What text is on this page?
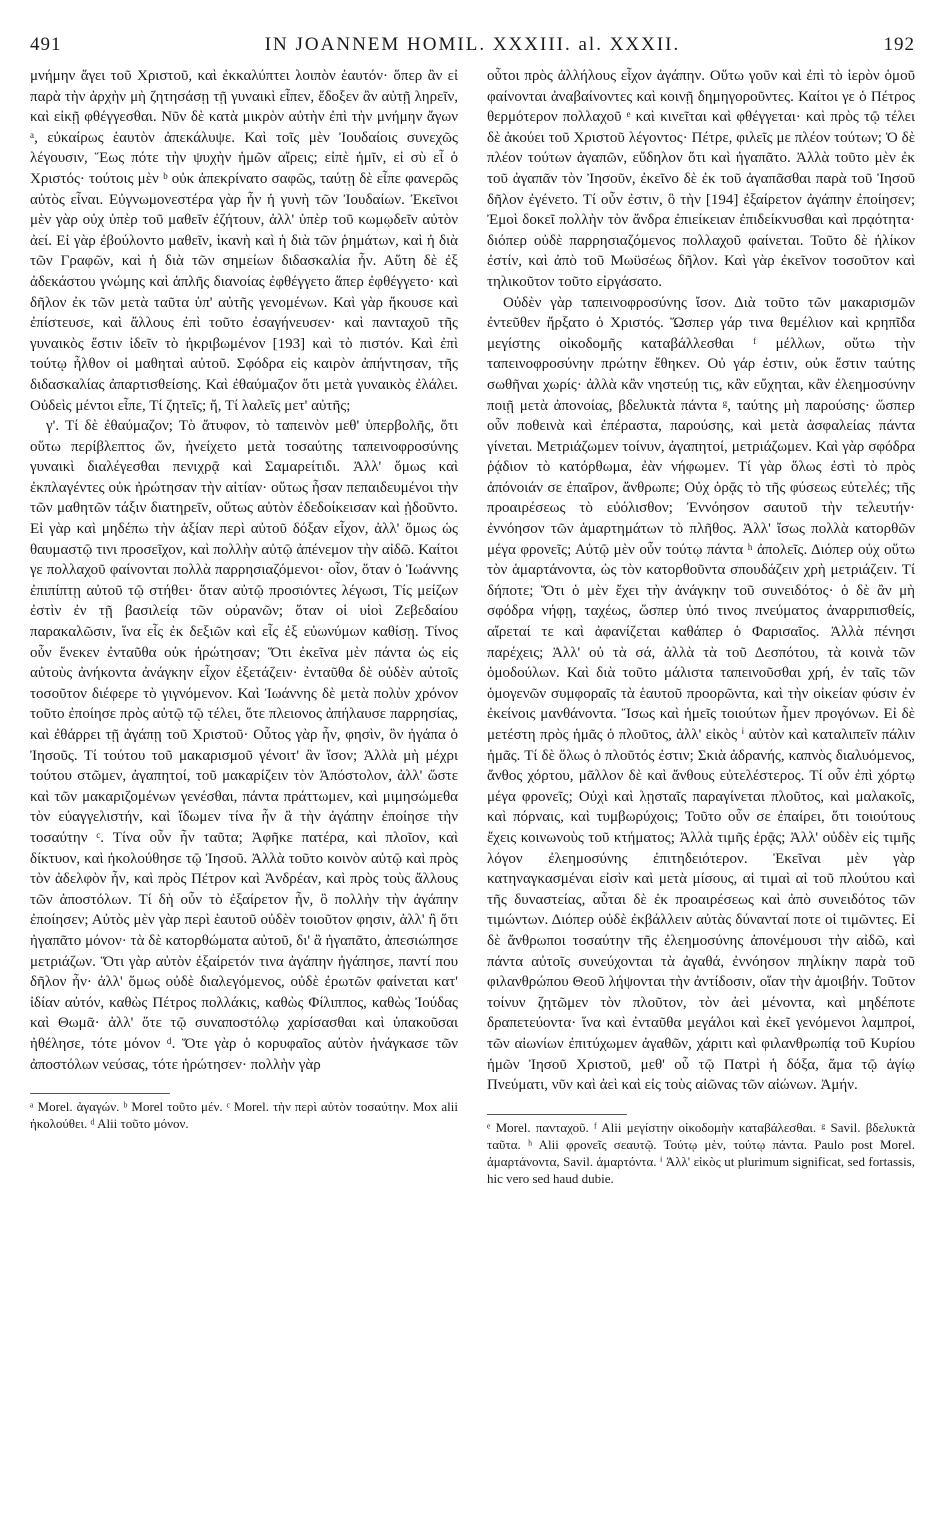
491	IN JOANNEM HOMIL. XXXIII. al. XXXII.	192

μνήμην ἄγει τοῦ Χριστοῦ, καὶ ἐκκαλύπτει λοιπὸν ἑαυτόν· ὅπερ ἂν εἰ παρὰ τὴν ἀρχὴν μὴ ζητησάσῃ τῇ γυναικὶ εἶπεν, ἔδοξεν ἂν αὐτῇ ληρεῖν, καὶ εἰκῇ φθέγγεσθαι. Νῦν δὲ κατὰ μικρὸν αὐτὴν ἐπὶ τὴν μνήμην ἄγων ᵃ, εὐκαίρως ἑαυτὸν ἀπεκάλυψε. Καὶ τοῖς μὲν Ἰουδαίοις συνεχῶς λέγουσιν, Ἕως πότε τὴν ψυχὴν ἡμῶν αἴρεις; εἰπὲ ἡμῖν, εἰ σὺ εἶ ὁ Χριστός· τούτοις μὲν ᵇ οὐκ ἀπεκρίνατο σαφῶς, ταύτῃ δὲ εἶπε φανερῶς αὐτὸς εἶναι. Εὐγνωμονεστέρα γὰρ ἦν ἡ γυνὴ τῶν Ἰουδαίων. Ἐκεῖνοι μὲν γὰρ οὐχ ὑπὲρ τοῦ μαθεῖν ἐζήτουν, ἀλλ' ὑπὲρ τοῦ κωμῳδεῖν αὐτὸν ἀεί. Εἰ γὰρ ἐβούλοντο μαθεῖν, ἱκανὴ καὶ ἡ διὰ τῶν ῥημάτων, καὶ ἡ διὰ τῶν Γραφῶν, καὶ ἡ διὰ τῶν σημείων διδασκαλία ἦν. Αὕτη δὲ ἐξ ἀδεκάστου γνώμης καὶ ἁπλῆς διανοίας ἐφθέγγετο ἅπερ ἐφθέγγετο· καὶ δῆλον ἐκ τῶν μετὰ ταῦτα ὑπ' αὐτῆς γενομένων. Καὶ γὰρ ἤκουσε καὶ ἐπίστευσε, καὶ ἄλλους ἐπὶ τοῦτο ἐσαγήνευσεν· καὶ πανταχοῦ τῆς γυναικὸς ἔστιν ἰδεῖν τὸ ἠκριβωμένον [193] καὶ τὸ πιστόν. Καὶ ἐπὶ τούτῳ ἦλθον οἱ μαθηταὶ αὐτοῦ. Σφόδρα εἰς καιρὸν ἀπήντησαν, τῆς διδασκαλίας ἀπαρτισθείσης. Καὶ ἐθαύμαζον ὅτι μετὰ γυναικὸς ἐλάλει. Οὐδεὶς μέντοι εἶπε, Τί ζητεῖς; ἤ, Τί λαλεῖς μετ' αὐτῆς;

γ'. Τί δὲ ἐθαύμαζον; Τὸ ἄτυφον, τὸ ταπεινὸν μεθ' ὑπερβολῆς, ὅτι οὕτω περίβλεπτος ὤν, ἠνείχετο μετὰ τοσαύτης ταπεινοφροσύνης γυναικὶ διαλέγεσθαι πενιχρᾷ καὶ Σαμαρείτιδι. Ἀλλ' ὅμως καὶ ἐκπλαγέντες οὐκ ἠρώτησαν τὴν αἰτίαν· οὕτως ἦσαν πεπαιδευμένοι τὴν τῶν μαθητῶν τάξιν διατηρεῖν, οὕτως αὐτὸν ἐδεδοίκεισαν καὶ ᾐδοῦντο. Εἰ γὰρ καὶ μηδέπω τὴν ἀξίαν περὶ αὐτοῦ δόξαν εἶχον, ἀλλ' ὅμως ὡς θαυμαστῷ τινι προσεῖχον, καὶ πολλὴν αὐτῷ ἀπένεμον τὴν αἰδῶ. Καίτοι γε πολλαχοῦ φαίνονται πολλὰ παρρησιαζόμενοι· οἷον, ὅταν ὁ Ἰωάννης ἐπιπίπτῃ αὐτοῦ τῷ στήθει· ὅταν αὐτῷ προσιόντες λέγωσι, Τίς μείζων ἐστὶν ἐν τῇ βασιλείᾳ τῶν οὐρανῶν; ὅταν οἱ υἱοὶ Ζεβεδαίου παρακαλῶσιν, ἵνα εἷς ἐκ δεξιῶν καὶ εἷς ἐξ εὐωνύμων καθίσῃ. Τίνος οὖν ἕνεκεν ἐνταῦθα οὐκ ἠρώτησαν; Ὅτι ἐκεῖνα μὲν πάντα ὡς εἰς αὐτοὺς ἀνήκοντα ἀνάγκην εἶχον ἐξετάζειν· ἐνταῦθα δὲ οὐδὲν αὐτοῖς τοσοῦτον διέφερε τὸ γιγνόμενον. Καὶ Ἰωάννης δὲ μετὰ πολὺν χρόνον τοῦτο ἐποίησε πρὸς αὐτῷ τῷ τέλει, ὅτε πλειονος ἀπήλαυσε παρρησίας, καὶ ἐθάρρει τῇ ἀγάπῃ τοῦ Χριστοῦ· Οὗτος γὰρ ἦν, φησὶν, ὃν ἠγάπα ὁ Ἰησοῦς. Τί τούτου τοῦ μακαρισμοῦ γένοιτ' ἂν ἴσον; Ἀλλὰ μὴ μέχρι τούτου στῶμεν, ἀγαπητοί, τοῦ μακαρίζειν τὸν Ἀπόστολον, ἀλλ' ὥστε καὶ τῶν μακαριζομένων γενέσθαι, πάντα πράττωμεν, καὶ μιμησώμεθα τὸν εὐαγγελιστήν, καὶ ἴδωμεν τίνα ἦν ἃ τὴν ἀγάπην ἐποίησε τὴν τοσαύτην ᶜ. Τίνα οὖν ἦν ταῦτα; Ἀφῆκε πατέρα, καὶ πλοῖον, καὶ δίκτυον, καὶ ἠκολούθησε τῷ Ἰησοῦ. Ἀλλὰ τοῦτο κοινὸν αὐτῷ καὶ πρὸς τὸν ἀδελφὸν ἦν, καὶ πρὸς Πέτρον καὶ Ἀνδρέαν, καὶ πρὸς τοὺς ἄλλους τῶν ἀποστόλων. Τί δὴ οὖν τὸ ἐξαίρετον ἦν, ὃ πολλὴν τὴν ἀγάπην ἐποίησεν; Αὐτὸς μὲν γὰρ περὶ ἑαυτοῦ οὐδὲν τοιοῦτον φησιν, ἀλλ' ἢ ὅτι ἠγαπᾶτο μόνον· τὰ δὲ κατορθώματα αὐτοῦ, δι' ἃ ἠγαπᾶτο, ἀπεσιώπησε μετριάζων. Ὅτι γὰρ αὐτὸν ἐξαίρετόν τινα ἀγάπην ἠγάπησε, παντί που δῆλον ἦν· ἀλλ' ὅμως οὐδὲ διαλεγόμενος, οὐδὲ ἐρωτῶν φαίνεται κατ' ἰδίαν αὐτόν, καθὼς Πέτρος πολλάκις, καθὼς Φίλιππος, καθὼς Ἰούδας καὶ Θωμᾶ· ἀλλ' ὅτε τῷ συναποστόλῳ χαρίσασθαι καὶ ὑπακοῦσαι ἠθέλησε, τότε μόνον ᵈ. Ὅτε γὰρ ὁ κορυφαῖος αὐτὸν ἠνάγκασε τῶν ἀποστόλων νεύσας, τότε ἠρώτησεν· πολλὴν γὰρ

ᵃ Morel. ἀγαγών. ᵇ Morel τοῦτο μέν. ᶜ Morel. τὴν περὶ αὐτὸν τοσαύτην. Mox alii ἠκολούθει. ᵈ Alii τοῦτο μόνον.

οὗτοι πρὸς ἀλλήλους εἶχον ἀγάπην. Οὕτω γοῦν καὶ ἐπὶ τὸ ἱερὸν ὁμοῦ φαίνονται ἀναβαίνοντες καὶ κοινῇ δημηγοροῦντες. Καίτοι γε ὁ Πέτρος θερμότερον πολλαχοῦ ᵉ καὶ κινεῖται καὶ φθέγγεται· καὶ πρὸς τῷ τέλει δὲ ἀκούει τοῦ Χριστοῦ λέγοντος· Πέτρε, φιλεῖς με πλέον τούτων; Ὁ δὲ πλέον τούτων ἀγαπῶν, εὔδηλον ὅτι καὶ ἠγαπᾶτο. Ἀλλὰ τοῦτο μὲν ἐκ τοῦ ἀγαπᾶν τὸν Ἰησοῦν, ἐκεῖνο δὲ ἐκ τοῦ ἀγαπᾶσθαι παρὰ τοῦ Ἰησοῦ δῆλον ἐγένετο. Τί οὖν ἐστιν, ὃ τὴν [194] ἐξαίρετον ἀγάπην ἐποίησεν; Ἐμοὶ δοκεῖ πολλὴν τὸν ἄνδρα ἐπιείκειαν ἐπιδείκνυσθαι καὶ πρᾳότητα· διόπερ οὐδὲ παρρησιαζόμενος πολλαχοῦ φαίνεται. Τοῦτο δὲ ἡλίκον ἐστίν, καὶ ἀπὸ τοῦ Μωϋσέως δῆλον. Καὶ γὰρ ἐκεῖνον τοσοῦτον καὶ τηλικοῦτον τοῦτο εἰργάσατο.

Οὐδὲν γὰρ ταπεινοφροσύνης ἴσον. Διὰ τοῦτο τῶν μακαρισμῶν ἐντεῦθεν ἤρξατο ὁ Χριστός. Ὥσπερ γάρ τινα θεμέλιον καὶ κρηπῖδα μεγίστης οἰκοδομῆς καταβάλλεσθαι ᶠ μέλλων, οὕτω τὴν ταπεινοφροσύνην πρώτην ἔθηκεν. Οὐ γάρ ἐστιν, οὐκ ἔστιν ταύτης σωθῆναι χωρίς· ἀλλὰ κἂν νηστεύῃ τις, κἂν εὔχηται, κἂν ἐλεημοσύνην ποιῇ μετὰ ἀπονοίας, βδελυκτὰ πάντα ᵍ, ταύτης μὴ παρούσης· ὥσπερ οὖν ποθεινὰ καὶ ἐπέραστα, παρούσης, καὶ μετὰ ἀσφαλείας πάντα γίνεται. Μετριάζωμεν τοίνυν, ἀγαπητοί, μετριάζωμεν. Καὶ γὰρ σφόδρα ῥᾴδιον τὸ κατόρθωμα, ἐὰν νήφωμεν. Τί γὰρ ὅλως ἐστὶ τὸ πρὸς ἀπόνοιάν σε ἐπαῖρον, ἄνθρωπε; Οὐχ ὁρᾷς τὸ τῆς φύσεως εὐτελές; τῆς προαιρέσεως τὸ εὐόλισθον; Ἐννόησον σαυτοῦ τὴν τελευτήν· ἐννόησον τῶν ἁμαρτημάτων τὸ πλῆθος. Ἀλλ' ἴσως πολλὰ κατορθῶν μέγα φρονεῖς; Αὐτῷ μὲν οὖν τούτῳ πάντα ʰ ἀπολεῖς. Διόπερ οὐχ οὕτω τὸν ἁμαρτάνοντα, ὡς τὸν κατορθοῦντα σπουδάζειν χρὴ μετριάζειν. Τί δήποτε; Ὅτι ὁ μὲν ἔχει τὴν ἀνάγκην τοῦ συνειδότος· ὁ δὲ ἂν μὴ σφόδρα νήφῃ, ταχέως, ὥσπερ ὑπό τινος πνεύματος ἀναρριπισθείς, αἴρεταί τε καὶ ἀφανίζεται καθάπερ ὁ Φαρισαῖος. Ἀλλὰ πένησι παρέχεις; Ἀλλ' οὐ τὰ σά, ἀλλὰ τὰ τοῦ Δεσπότου, τὰ κοινὰ τῶν ὁμοδούλων. Καὶ διὰ τοῦτο μάλιστα ταπεινοῦσθαι χρή, ἐν ταῖς τῶν ὁμογενῶν συμφοραῖς τὰ ἑαυτοῦ προορῶντα, καὶ τὴν οἰκείαν φύσιν ἐν ἐκείνοις μανθάνοντα. Ἴσως καὶ ἡμεῖς τοιούτων ἦμεν προγόνων. Εἰ δὲ μετέστη πρὸς ἡμᾶς ὁ πλοῦτος, ἀλλ' εἰκὸς ⁱ αὐτὸν καὶ καταλιπεῖν πάλιν ἡμᾶς. Τί δὲ ὅλως ὁ πλοῦτός ἐστιν; Σκιὰ ἀδρανής, καπνὸς διαλυόμενος, ἄνθος χόρτου, μᾶλλον δὲ καὶ ἄνθους εὐτελέστερος. Τί οὖν ἐπὶ χόρτῳ μέγα φρονεῖς; Οὐχὶ καὶ λῃσταῖς παραγίνεται πλοῦτος, καὶ μαλακοῖς, καὶ πόρναις, καὶ τυμβωρύχοις; Τοῦτο οὖν σε ἐπαίρει, ὅτι τοιούτους ἔχεις κοινωνοὺς τοῦ κτήματος; Ἀλλὰ τιμῆς ἐρᾷς; Ἀλλ' οὐδὲν εἰς τιμῆς λόγον ἐλεημοσύνης ἐπιτηδειότερον. Ἐκεῖναι μὲν γὰρ κατηναγκασμέναι εἰσὶν καὶ μετὰ μίσους, αἱ τιμαὶ αἱ τοῦ πλούτου καὶ τῆς δυναστείας, αὗται δὲ ἐκ προαιρέσεως καὶ ἀπὸ συνειδότος τῶν τιμώντων. Διόπερ οὐδὲ ἐκβάλλειν αὐτὰς δύνανταί ποτε οἱ τιμῶντες. Εἰ δὲ ἄνθρωποι τοσαύτην τῆς ἐλεημοσύνης ἀπονέμουσι τὴν αἰδῶ, καὶ πάντα αὐτοῖς συνεύχονται τὰ ἀγαθά, ἐννόησον πηλίκην παρὰ τοῦ φιλανθρώπου Θεοῦ λήψονται τὴν ἀντίδοσιν, οἵαν τὴν ἀμοιβήν. Τοῦτον τοίνυν ζητῶμεν τὸν πλοῦτον, τὸν ἀεὶ μένοντα, καὶ μηδέποτε δραπετεύοντα· ἵνα καὶ ἐνταῦθα μεγάλοι καὶ ἐκεῖ γενόμενοι λαμπροί, τῶν αἰωνίων ἐπιτύχωμεν ἀγαθῶν, χάριτι καὶ φιλανθρωπίᾳ τοῦ Κυρίου ἡμῶν Ἰησοῦ Χριστοῦ, μεθ' οὗ τῷ Πατρὶ ἡ δόξα, ἅμα τῷ ἁγίῳ Πνεύματι, νῦν καὶ ἀεὶ καὶ εἰς τοὺς αἰῶνας τῶν αἰώνων. Ἀμήν.

ᵉ Morel. πανταχοῦ. ᶠ Alii μεγίστην οἰκοδομὴν καταβάλεσθαι. ᵍ Savil. βδελυκτὰ ταῦτα. ʰ Alii φρονεῖς σεαυτῷ. Τούτῳ μὲν, τούτῳ πάντα. Paulo post Morel. ἁμαρτάνοντα, Savil. ἁμαρτόντα. ⁱ Ἀλλ' εἰκὸς ut plurimum significat, sed fortassis, hic vero sed haud dubie.
